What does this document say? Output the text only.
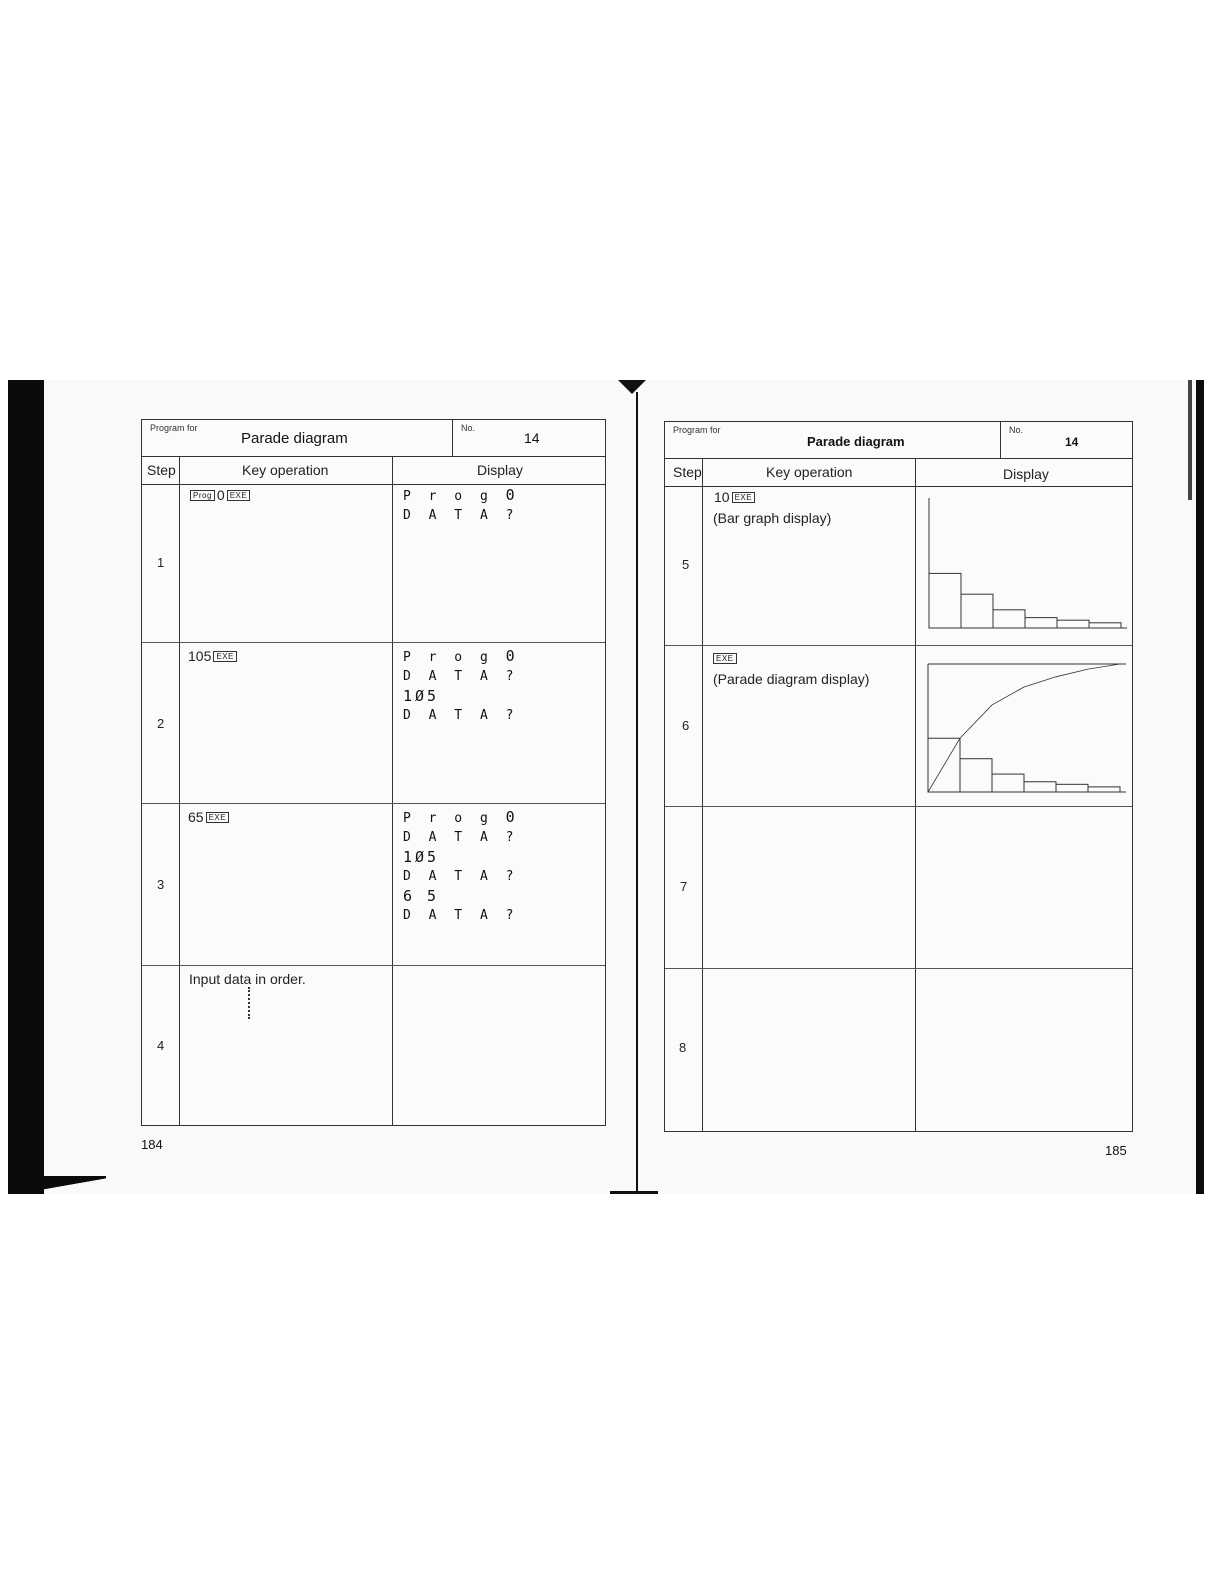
Program for
Parade diagram
No.
14
Step	Key operation	Display
1
Prog 0 EXE	P r o g 0
D A T A ?
2
105 EXE	P r o g 0
D A T A ?
1Ø5
D A T A ?
3
65 EXE	P r o g 0
D A T A ?
1Ø5
D A T A ?
6 5
D A T A ?
4
Input data in order.
184
Program for
Parade diagram
No.
14
Step	Key operation	Display
5
10 EXE
(Bar graph display)
6
EXE
(Parade diagram display)
7
8
185
